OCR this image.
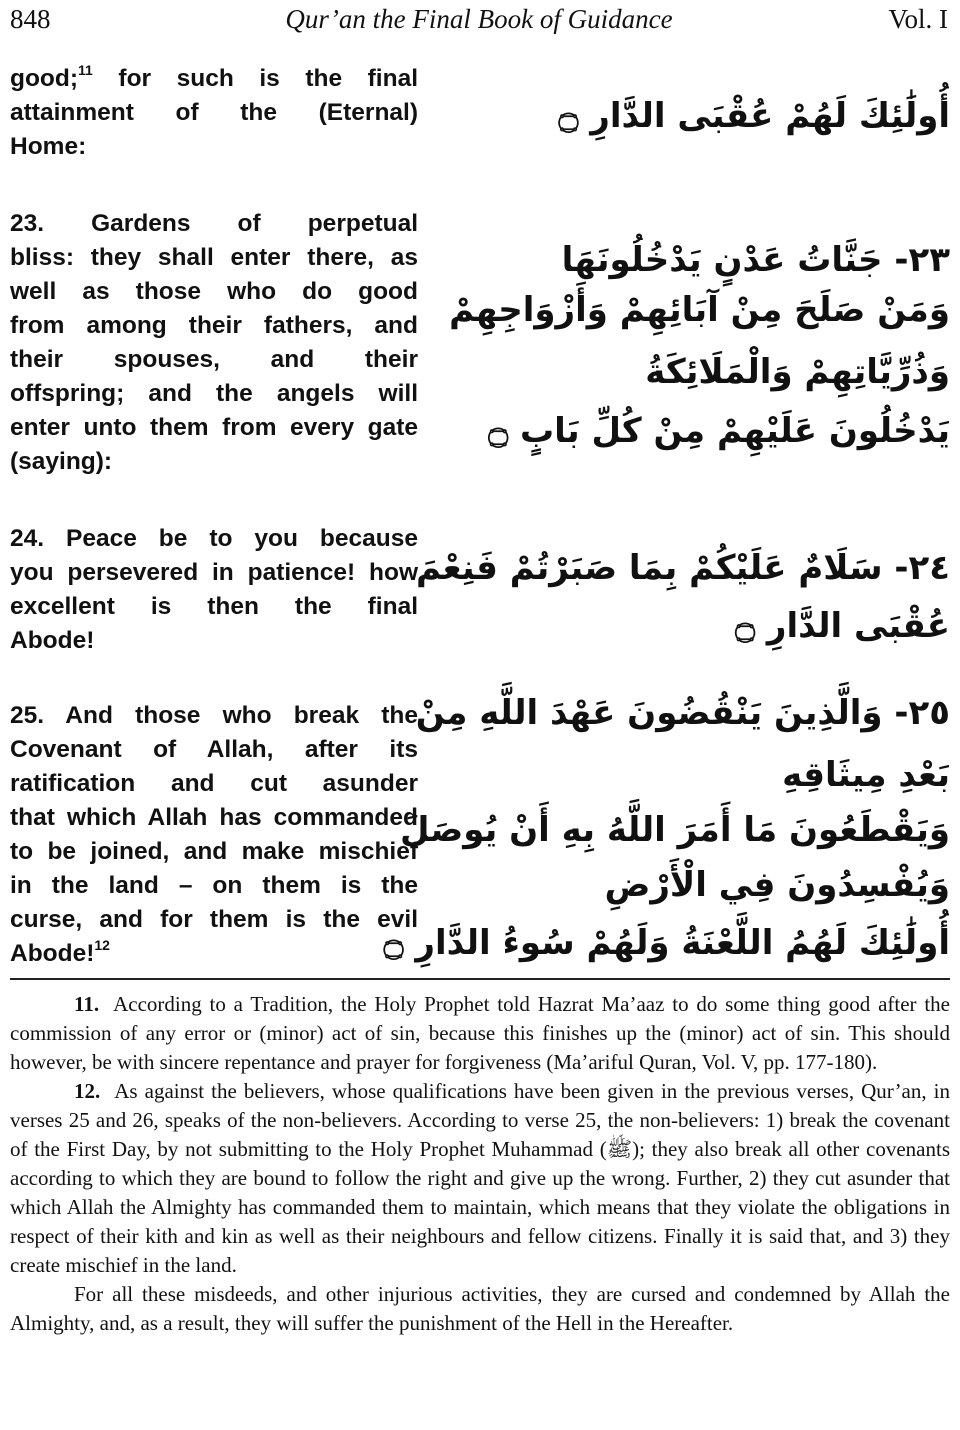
848	Qur’an the Final Book of Guidance	Vol. I
good;$^{11}$ for such is the final
attainment of the (Eternal)
Home:
23. Gardens of perpetual
bliss: they shall enter there, as
well as those who do good
from among their fathers, and
their spouses, and their
offspring; and the angels will
enter unto them from every gate
(saying):
24. Peace be to you because
you persevered in patience! how
excellent is then the final
Abode!
25. And those who break the
Covenant of Allah, after its
ratification and cut asunder
that which Allah has commanded
to be joined, and make mischief
in the land – on them is the
curse, and for them is the evil
Abode!$^{12}$
أُولَٰئِكَ لَهُمْ عُقْبَى الدَّارِ ۝
٢٣- جَنَّاتُ عَدْنٍ يَدْخُلُونَهَا
وَمَنْ صَلَحَ مِنْ آبَائِهِمْ وَأَزْوَاجِهِمْ
وَذُرِّيَّاتِهِمْ وَالْمَلَائِكَةُ
يَدْخُلُونَ عَلَيْهِمْ مِنْ كُلِّ بَابٍ ۝
٢٤- سَلَامٌ عَلَيْكُمْ بِمَا صَبَرْتُمْ فَنِعْمَ
عُقْبَى الدَّارِ ۝
٢٥- وَالَّذِينَ يَنْقُضُونَ عَهْدَ اللَّهِ مِنْ
بَعْدِ مِيثَاقِهِ
وَيَقْطَعُونَ مَا أَمَرَ اللَّهُ بِهِ أَنْ يُوصَلَ
وَيُفْسِدُونَ فِي الْأَرْضِ
أُولَٰئِكَ لَهُمُ اللَّعْنَةُ وَلَهُمْ سُوءُ الدَّارِ ۝

11. According to a Tradition, the Holy Prophet told Hazrat Ma’aaz to do some thing good after the commission of any error or (minor) act of sin, because this finishes up the (minor) act of sin. This should however, be with sincere repentance and prayer for forgiveness (Ma’ariful Quran, Vol. V, pp. 177-180).

12. As against the believers, whose qualifications have been given in the previous verses, Qur’an, in verses 25 and 26, speaks of the non-believers. According to verse 25, the non-believers: 1) break the covenant of the First Day, by not submitting to the Holy Prophet Muhammad (ﷺ); they also break all other covenants according to which they are bound to follow the right and give up the wrong. Further, 2) they cut asunder that which Allah the Almighty has commanded them to maintain, which means that they violate the obligations in respect of their kith and kin as well as their neighbours and fellow citizens. Finally it is said that, and 3) they create mischief in the land.

For all these misdeeds, and other injurious activities, they are cursed and condemned by Allah the Almighty, and, as a result, they will suffer the punishment of the Hell in the Hereafter.
